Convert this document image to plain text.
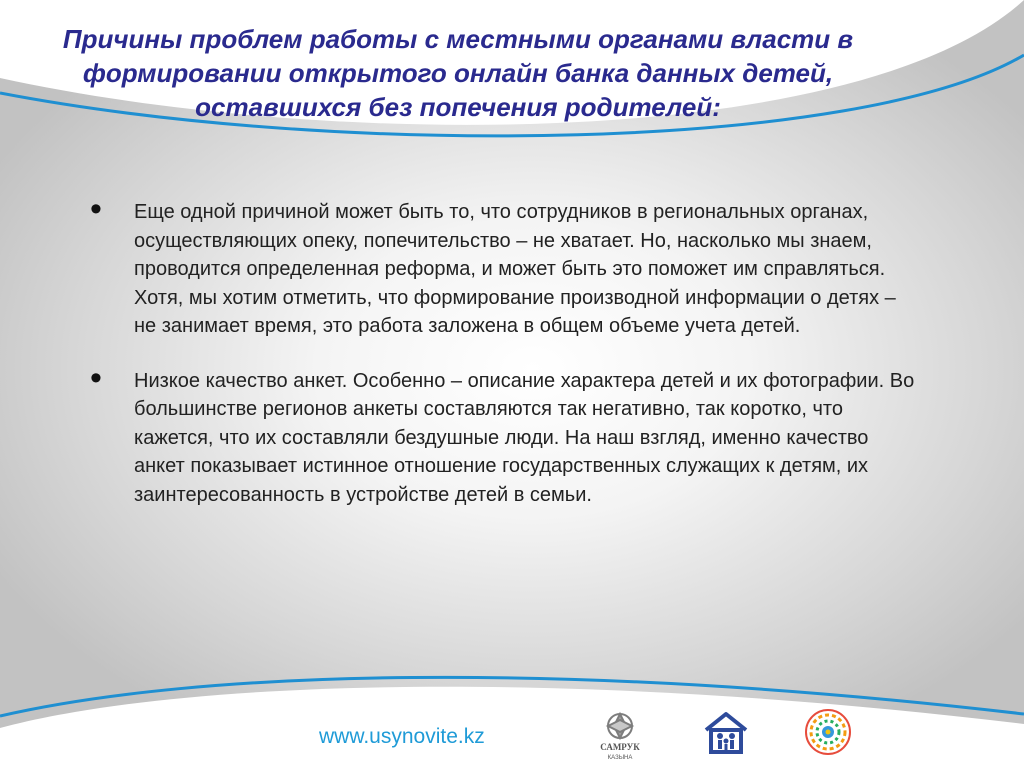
Причины проблем работы с местными органами власти в формировании открытого онлайн банка данных детей, оставшихся без попечения родителей:
• Еще одной причиной может быть то, что сотрудников в региональных органах, осуществляющих опеку, попечительство – не хватает. Но, насколько мы знаем, проводится определенная реформа, и может быть это поможет им справляться. Хотя, мы хотим отметить, что формирование производной информации о детях – не занимает время, это работа заложена в общем объеме учета детей.
• Низкое качество анкет. Особенно – описание характера детей и их фотографии. Во большинстве регионов анкеты составляются так негативно, так коротко, что кажется, что их составляли бездушные люди. На наш взгляд, именно качество анкет показывает истинное отношение государственных служащих к детям, их заинтересованность в устройстве детей в семьи.
www.usynovite.kz	САМРУК
КАЗЫНА
